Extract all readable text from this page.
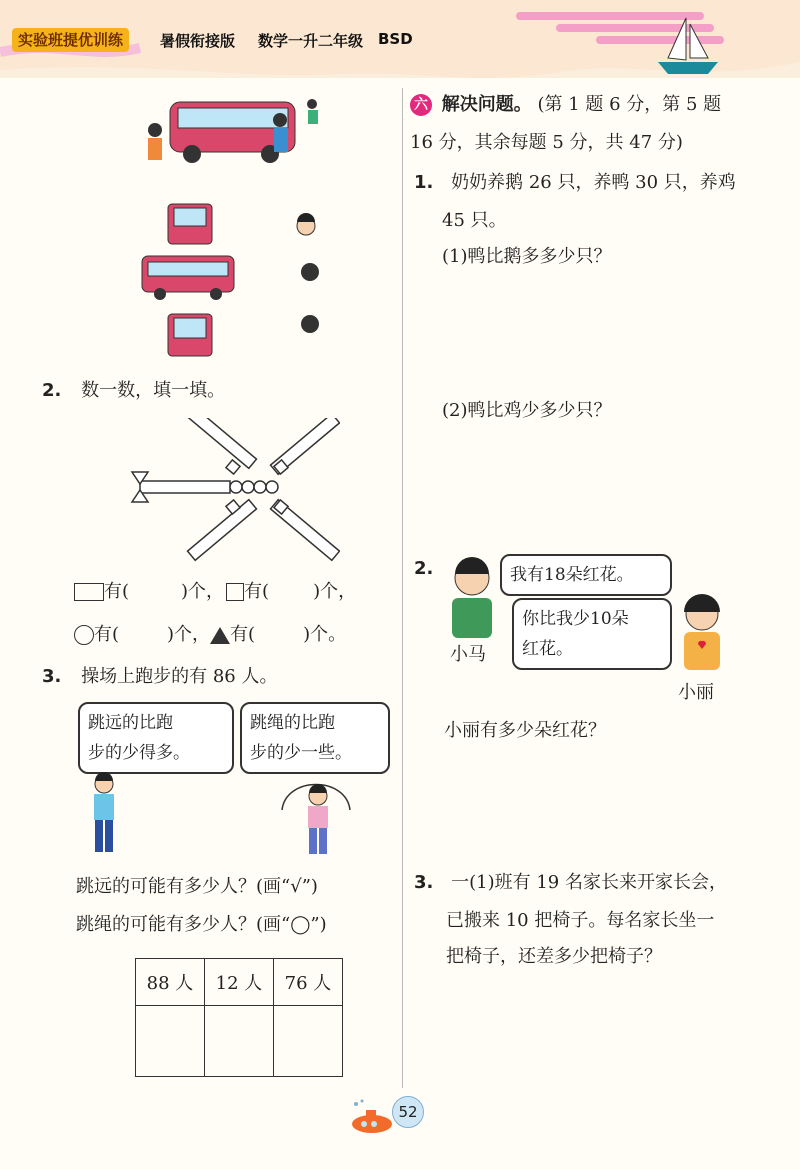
实验班提优训练	暑假衔接版 数学一升二年级 BSD
2. 数一数，填一填。
有(	)个， 有( )个，
有(	)个， 有(	)个。
3. 操场上跑步的有 86 人。
跳远的比跑
步的少得多。
跳绳的比跑
步的少一些。
跳远的可能有多少人？(画“√”)
跳绳的可能有多少人？(画“◯”)
88 人	12 人	76 人

六 解决问题。 (第 1 题 6 分，第 5 题
16 分，其余每题 5 分，共 47 分)
1. 奶奶养鹅 26 只，养鸭 30 只，养鸡
45 只。
(1)鸭比鹅多多少只？
(2)鸭比鸡少多少只？
2.
小马
我有18朵红花。
你比我少10朵
红花。
小丽
小丽有多少朵红花？
3. 一(1)班有 19 名家长来开家长会，
已搬来 10 把椅子。每名家长坐一
把椅子，还差多少把椅子？
52
